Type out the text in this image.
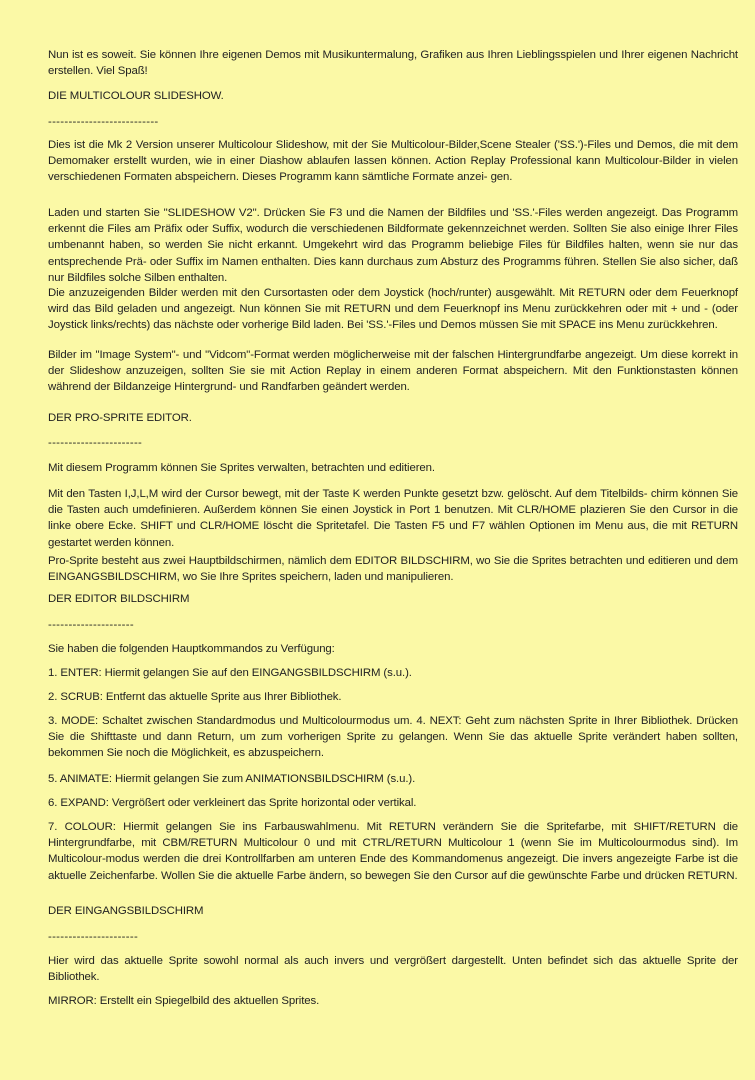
Nun ist es soweit. Sie können Ihre eigenen Demos mit Musikuntermalung, Grafiken aus Ihren Lieblingsspielen und Ihrer eigenen Nachricht erstellen. Viel Spaß!

DIE MULTICOLOUR SLIDESHOW.

---------------------------

Dies ist die Mk 2 Version unserer Multicolour Slideshow, mit der Sie Multicolour-Bilder,Scene Stealer ('SS.')-Files und Demos, die mit dem Demomaker erstellt wurden, wie in einer Diashow ablaufen lassen können. Action Replay Professional kann Multicolour-Bilder in vielen verschiedenen Formaten abspeichern. Dieses Programm kann sämtliche Formate anzei- gen.

Laden und starten Sie "SLIDESHOW V2". Drücken Sie F3 und die Namen der Bildfiles und 'SS.'-Files werden angezeigt. Das Programm erkennt die Files am Präfix oder Suffix, wodurch die verschiedenen Bildformate gekennzeichnet werden. Sollten Sie also einige Ihrer Files umbenannt haben, so werden Sie nicht erkannt. Umgekehrt wird das Programm beliebige Files für Bildfiles halten, wenn sie nur das entsprechende Prä- oder Suffix im Namen enthalten. Dies kann durchaus zum Absturz des Programms führen. Stellen Sie also sicher, daß nur Bildfiles solche Silben enthalten.

Die anzuzeigenden Bilder werden mit den Cursortasten oder dem Joystick (hoch/runter) ausgewählt. Mit RETURN oder dem Feuerknopf wird das Bild geladen und angezeigt. Nun können Sie mit RETURN und dem Feuerknopf ins Menu zurückkehren oder mit + und - (oder Joystick links/rechts) das nächste oder vorherige Bild laden. Bei 'SS.'-Files und Demos müssen Sie mit SPACE ins Menu zurückkehren.

Bilder im "Image System"- und "Vidcom"-Format werden möglicherweise mit der falschen Hintergrundfarbe angezeigt. Um diese korrekt in der Slideshow anzuzeigen, sollten Sie sie mit Action Replay in einem anderen Format abspeichern. Mit den Funktionstasten können während der Bildanzeige Hintergrund- und Randfarben geändert werden.

DER PRO-SPRITE EDITOR.

-----------------------

Mit diesem Programm können Sie Sprites verwalten, betrachten und editieren.

Mit den Tasten I,J,L,M wird der Cursor bewegt, mit der Taste K werden Punkte gesetzt bzw. gelöscht. Auf dem Titelbilds- chirm können Sie die Tasten auch umdefinieren. Außerdem können Sie einen Joystick in Port 1 benutzen. Mit CLR/HOME plazieren Sie den Cursor in die linke obere Ecke. SHIFT und CLR/HOME löscht die Spritetafel. Die Tasten F5 und F7 wählen Optionen im Menu aus, die mit RETURN gestartet werden können.

Pro-Sprite besteht aus zwei Hauptbildschirmen, nämlich dem EDITOR BILDSCHIRM, wo Sie die Sprites betrachten und editieren und dem EINGANGSBILDSCHIRM, wo Sie Ihre Sprites speichern, laden und manipulieren.

DER EDITOR BILDSCHIRM

---------------------

Sie haben die folgenden Hauptkommandos zu Verfügung:

1. ENTER: Hiermit gelangen Sie auf den EINGANGSBILDSCHIRM (s.u.).

2. SCRUB: Entfernt das aktuelle Sprite aus Ihrer Bibliothek.

3. MODE: Schaltet zwischen Standardmodus und Multicolourmodus um. 4. NEXT: Geht zum nächsten Sprite in Ihrer Bibliothek. Drücken Sie die Shifttaste und dann Return, um zum vorherigen Sprite zu gelangen. Wenn Sie das aktuelle Sprite verändert haben sollten, bekommen Sie noch die Möglichkeit, es abzuspeichern.

5. ANIMATE: Hiermit gelangen Sie zum ANIMATIONSBILDSCHIRM (s.u.).

6. EXPAND: Vergrößert oder verkleinert das Sprite horizontal oder vertikal.

7. COLOUR: Hiermit gelangen Sie ins Farbauswahlmenu. Mit RETURN verändern Sie die Spritefarbe, mit SHIFT/RETURN die Hintergrundfarbe, mit CBM/RETURN Multicolour 0 und mit CTRL/RETURN Multicolour 1 (wenn Sie im Multicolourmodus sind). Im Multicolour-modus werden die drei Kontrollfarben am unteren Ende des Kommandomenus angezeigt. Die invers angezeigte Farbe ist die aktuelle Zeichenfarbe. Wollen Sie die aktuelle Farbe ändern, so bewegen Sie den Cursor auf die gewünschte Farbe und drücken RETURN.

DER EINGANGSBILDSCHIRM

----------------------

Hier wird das aktuelle Sprite sowohl normal als auch invers und vergrößert dargestellt. Unten befindet sich das aktuelle Sprite der Bibliothek.

MIRROR: Erstellt ein Spiegelbild des aktuellen Sprites.
